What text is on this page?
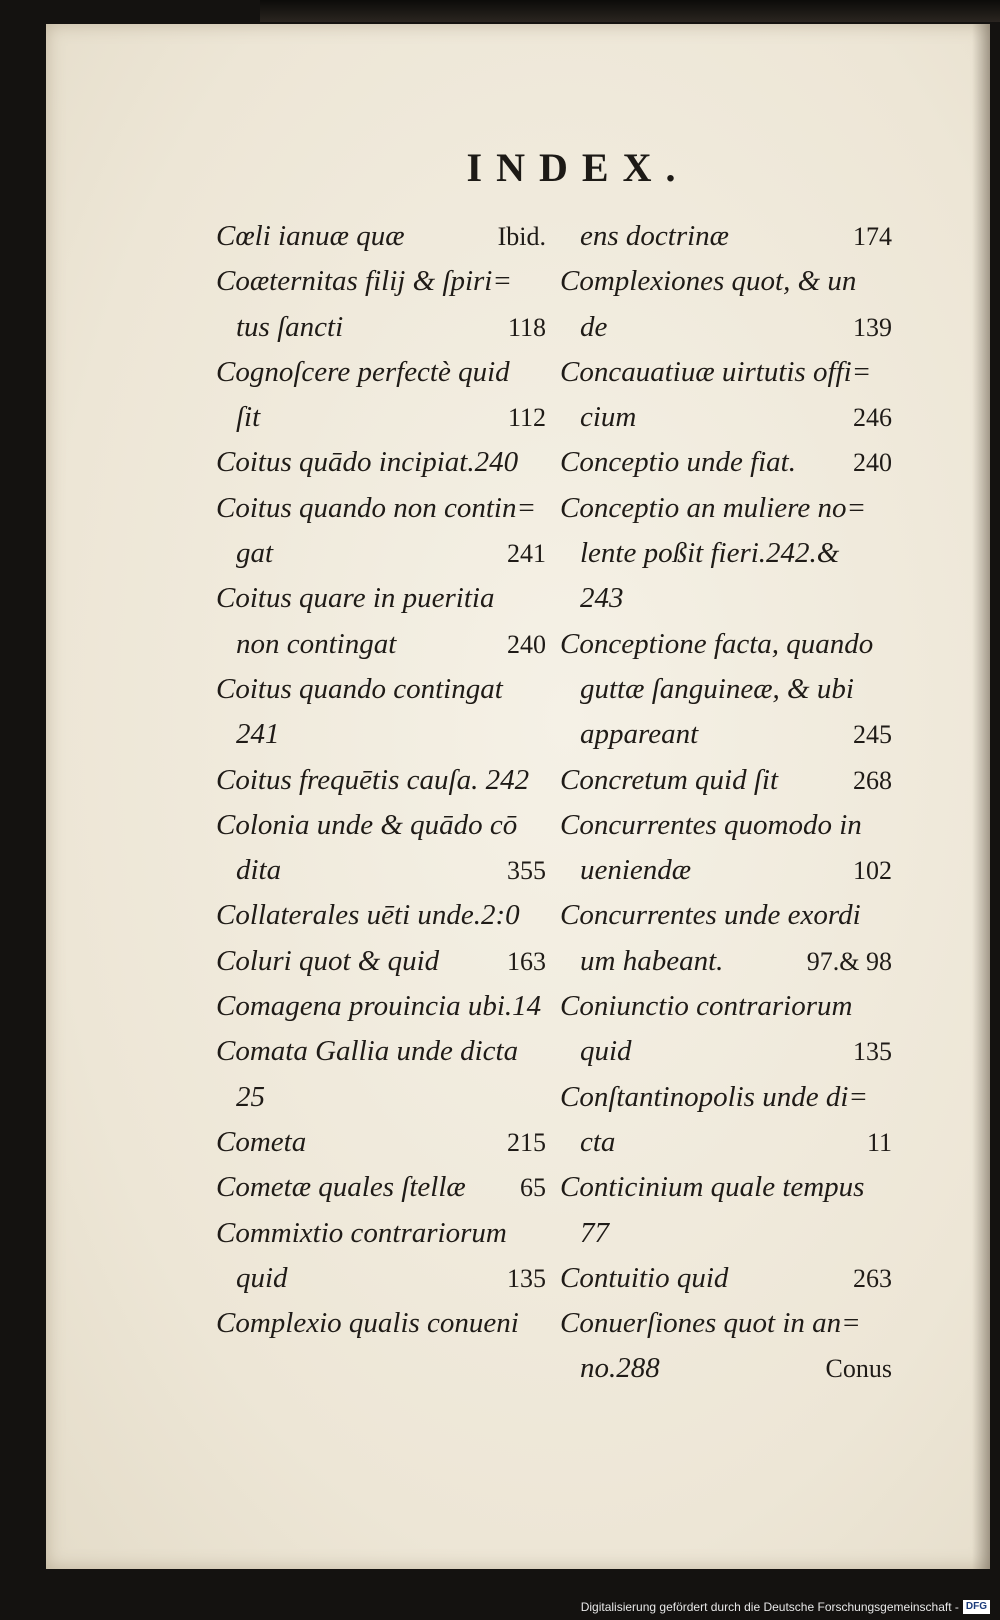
INDEX.
Cœli ianuæ quæ	Ibid.
Coæternitas filij & ſpiri=
tus ſancti	118
Cognoſcere perfectè quid
ſit	112
Coitus quādo incipiat.240
Coitus quando non contin=
gat	241
Coitus quare in pueritia
non contingat	240
Coitus quando contingat
241
Coitus frequētis cauſa. 242
Colonia unde & quādo cō
dita	355
Collaterales uēti unde.2:0
Coluri quot & quid	163
Comagena prouincia ubi.14
Comata Gallia unde dicta
25
Cometa	215
Cometæ quales ſtellæ 65
Commixtio contrariorum
quid	135
Complexio qualis conueni
ens doctrinæ	174
Complexiones quot, & un
de	139
Concauatiuæ uirtutis offi=
cium	246
Conceptio unde fiat. 240
Conceptio an muliere no=
lente poßit fieri.242.&
243
Conceptione facta, quando
guttæ ſanguineæ, & ubi
appareant	245
Concretum quid ſit	268
Concurrentes quomodo in
ueniendæ	102
Concurrentes unde exordi
um habeant.	97.& 98
Coniunctio contrariorum
quid	135
Conſtantinopolis unde di=
cta	11
Conticinium quale tempus
77
Contuitio quid	263
Conuerſiones quot in an=
no.288	Conus
Digitalisierung gefördert durch die Deutsche Forschungsgemeinschaft - DFG
